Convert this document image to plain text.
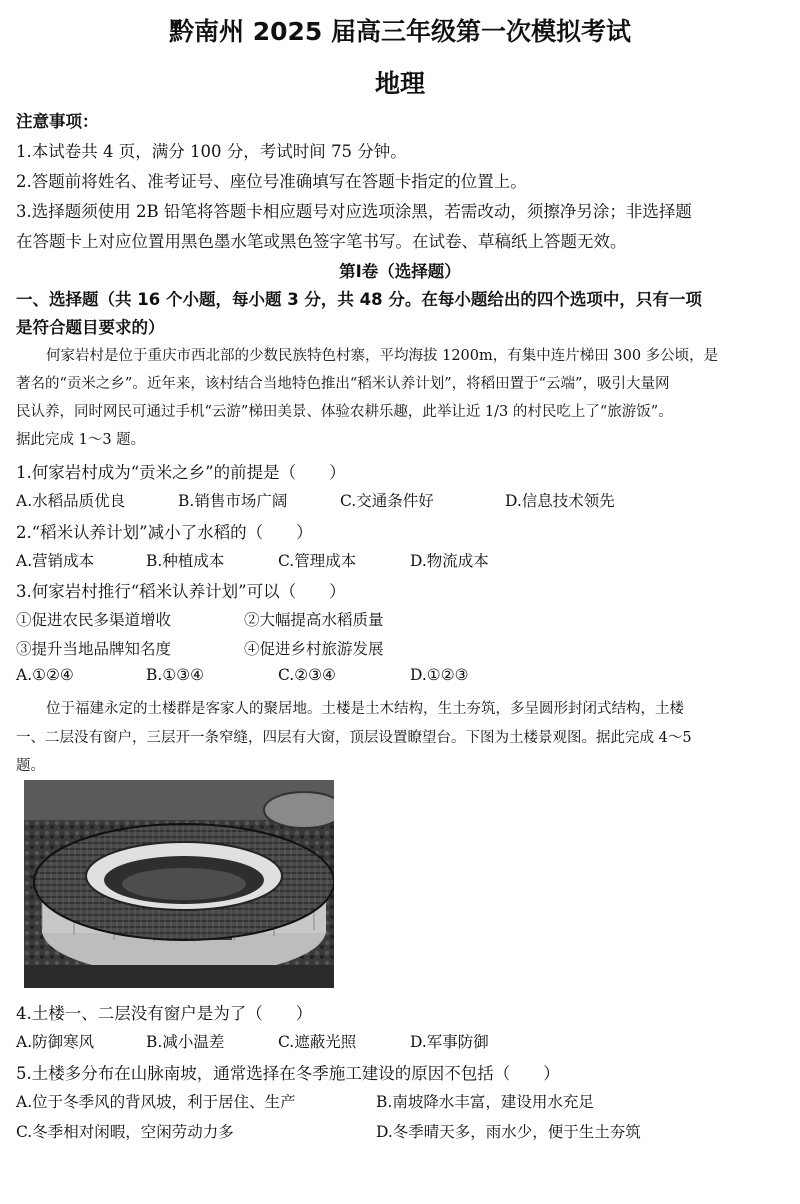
黔南州 2025 届高三年级第一次模拟考试
地理
注意事项：
1.本试卷共 4 页，满分 100 分，考试时间 75 分钟。
2.答题前将姓名、准考证号、座位号准确填写在答题卡指定的位置上。
3.选择题须使用 2B 铅笔将答题卡相应题号对应选项涂黑，若需改动，须擦净另涂；非选择题
在答题卡上对应位置用黑色墨水笔或黑色签字笔书写。在试卷、草稿纸上答题无效。
第Ⅰ卷（选择题）
一、选择题（共 16 个小题，每小题 3 分，共 48 分。在每小题给出的四个选项中，只有一项
是符合题目要求的）
何家岩村是位于重庆市西北部的少数民族特色村寨，平均海拔 1200m，有集中连片梯田 300 多公顷，是
著名的“贡米之乡”。近年来，该村结合当地特色推出“稻米认养计划”，将稻田置于“云端”，吸引大量网
民认养，同时网民可通过手机“云游”梯田美景、体验农耕乐趣，此举让近 1/3 的村民吃上了“旅游饭”。
据此完成 1～3 题。
1.何家岩村成为“贡米之乡”的前提是（　　）
A.水稻品质优良	B.销售市场广阔	C.交通条件好	D.信息技术领先
2.“稻米认养计划”减小了水稻的（　　）
A.营销成本	B.种植成本	C.管理成本	D.物流成本
3.何家岩村推行“稻米认养计划”可以（　　）
①促进农民多渠道增收	②大幅提高水稻质量
③提升当地品牌知名度	④促进乡村旅游发展
A.①②④	B.①③④	C.②③④	D.①②③
位于福建永定的土楼群是客家人的聚居地。土楼是土木结构，生土夯筑，多呈圆形封闭式结构，土楼
一、二层没有窗户，三层开一条窄缝，四层有大窗，顶层设置瞭望台。下图为土楼景观图。据此完成 4～5
题。
4.土楼一、二层没有窗户是为了（　　）
A.防御寒风	B.减小温差	C.遮蔽光照	D.军事防御
5.土楼多分布在山脉南坡，通常选择在冬季施工建设的原因不包括（　　）
A.位于冬季风的背风坡，利于居住、生产	B.南坡降水丰富，建设用水充足
C.冬季相对闲暇，空闲劳动力多	D.冬季晴天多，雨水少，便于生土夯筑
